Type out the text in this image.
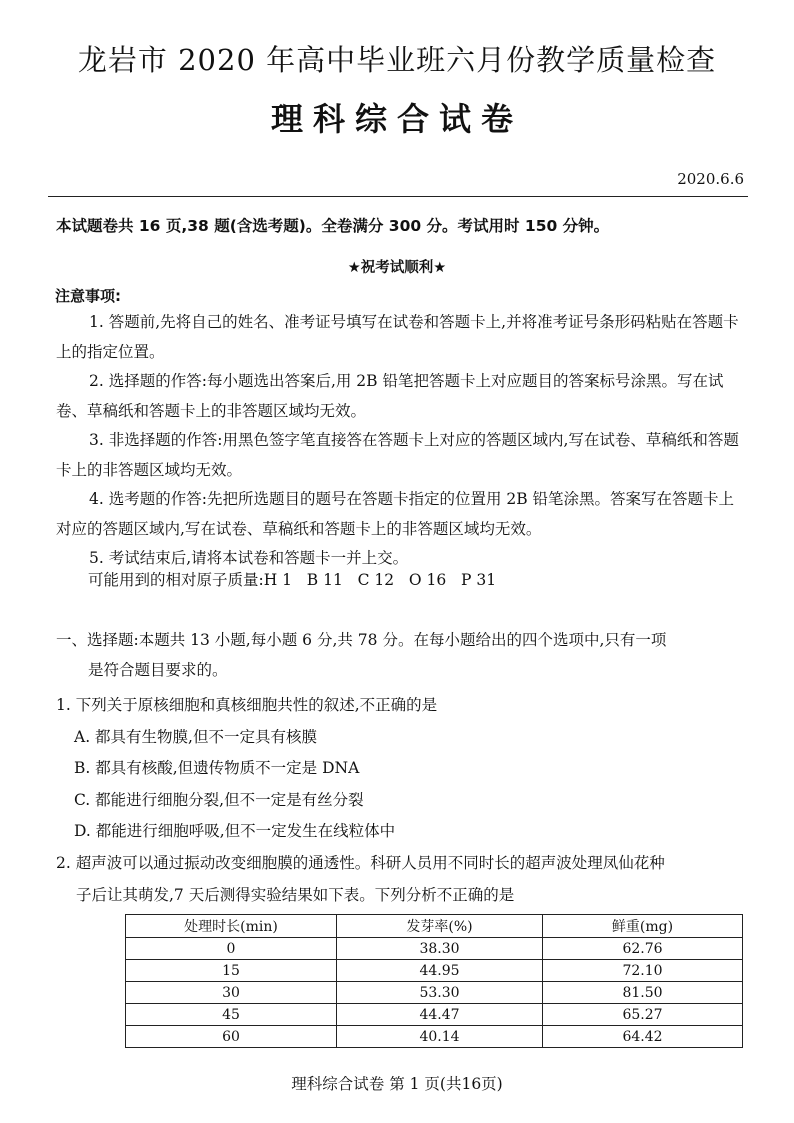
龙岩市 2020 年高中毕业班六月份教学质量检查
理科综合试卷
2020.6.6
本试题卷共 16 页,38 题(含选考题)。全卷满分 300 分。考试用时 150 分钟。
★祝考试顺利★
注意事项:

1. 答题前,先将自己的姓名、准考证号填写在试卷和答题卡上,并将准考证号条形码粘贴在答题卡上的指定位置。

2. 选择题的作答:每小题选出答案后,用 2B 铅笔把答题卡上对应题目的答案标号涂黑。写在试卷、草稿纸和答题卡上的非答题区域均无效。

3. 非选择题的作答:用黑色签字笔直接答在答题卡上对应的答题区域内,写在试卷、草稿纸和答题卡上的非答题区域均无效。

4. 选考题的作答:先把所选题目的题号在答题卡指定的位置用 2B 铅笔涂黑。答案写在答题卡上对应的答题区域内,写在试卷、草稿纸和答题卡上的非答题区域均无效。

5. 考试结束后,请将本试卷和答题卡一并上交。

可能用到的相对原子质量:H 1   B 11   C 12   O 16   P 31
一、选择题:本题共 13 小题,每小题 6 分,共 78 分。在每小题给出的四个选项中,只有一项
是符合题目要求的。
1. 下列关于原核细胞和真核细胞共性的叙述,不正确的是
A. 都具有生物膜,但不一定具有核膜
B. 都具有核酸,但遗传物质不一定是 DNA
C. 都能进行细胞分裂,但不一定是有丝分裂
D. 都能进行细胞呼吸,但不一定发生在线粒体中
2. 超声波可以通过振动改变细胞膜的通透性。科研人员用不同时长的超声波处理凤仙花种
子后让其萌发,7 天后测得实验结果如下表。下列分析不正确的是
处理时长(min)	发芽率(%)	鲜重(mg)
0	38.30	62.76
15	44.95	72.10
30	53.30	81.50
45	44.47	65.27
60	40.14	64.42
理科综合试卷 第 1 页(共16页)
